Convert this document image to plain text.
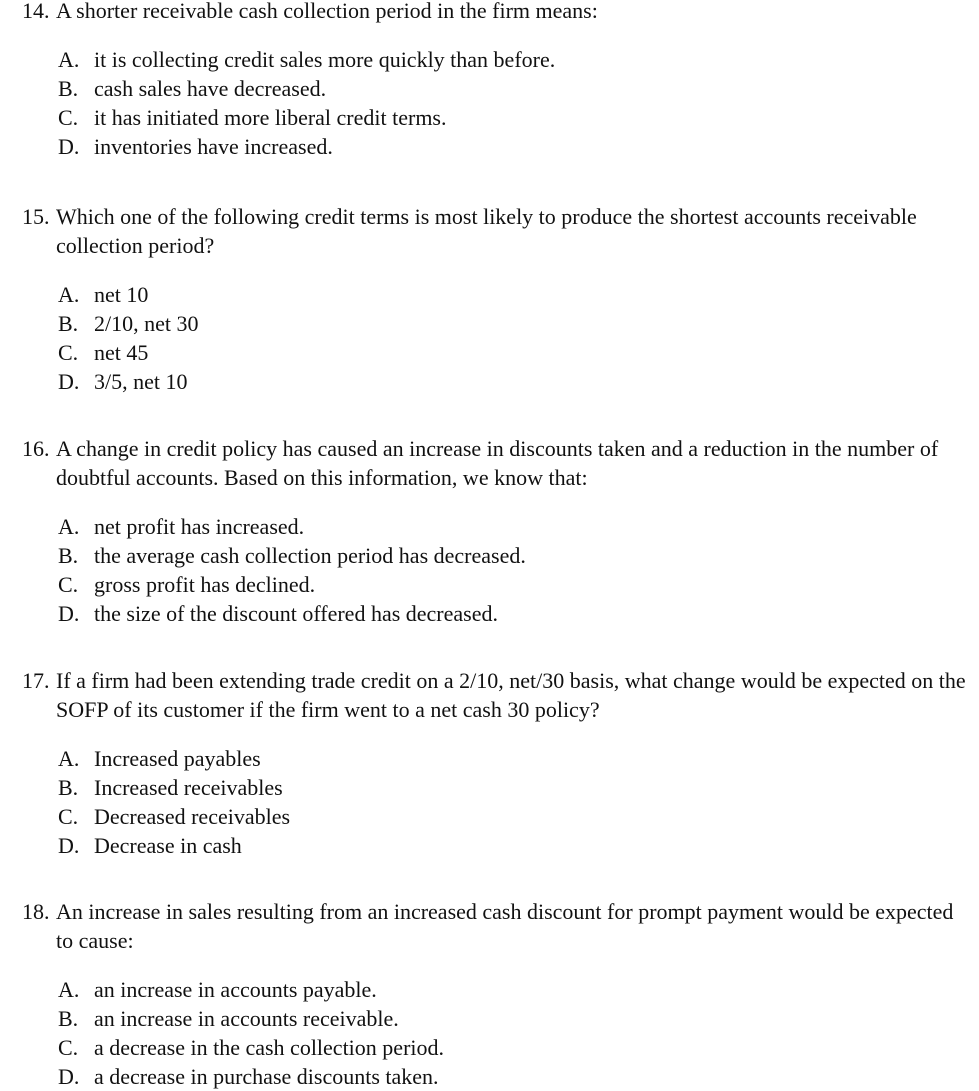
14. A shorter receivable cash collection period in the firm means:
A. it is collecting credit sales more quickly than before.
B. cash sales have decreased.
C. it has initiated more liberal credit terms.
D. inventories have increased.
15. Which one of the following credit terms is most likely to produce the shortest accounts receivable collection period?
A. net 10
B. 2/10, net 30
C. net 45
D. 3/5, net 10
16. A change in credit policy has caused an increase in discounts taken and a reduction in the number of doubtful accounts. Based on this information, we know that:
A. net profit has increased.
B. the average cash collection period has decreased.
C. gross profit has declined.
D. the size of the discount offered has decreased.
17. If a firm had been extending trade credit on a 2/10, net/30 basis, what change would be expected on the SOFP of its customer if the firm went to a net cash 30 policy?
A. Increased payables
B. Increased receivables
C. Decreased receivables
D. Decrease in cash
18. An increase in sales resulting from an increased cash discount for prompt payment would be expected to cause:
A. an increase in accounts payable.
B. an increase in accounts receivable.
C. a decrease in the cash collection period.
D. a decrease in purchase discounts taken.
